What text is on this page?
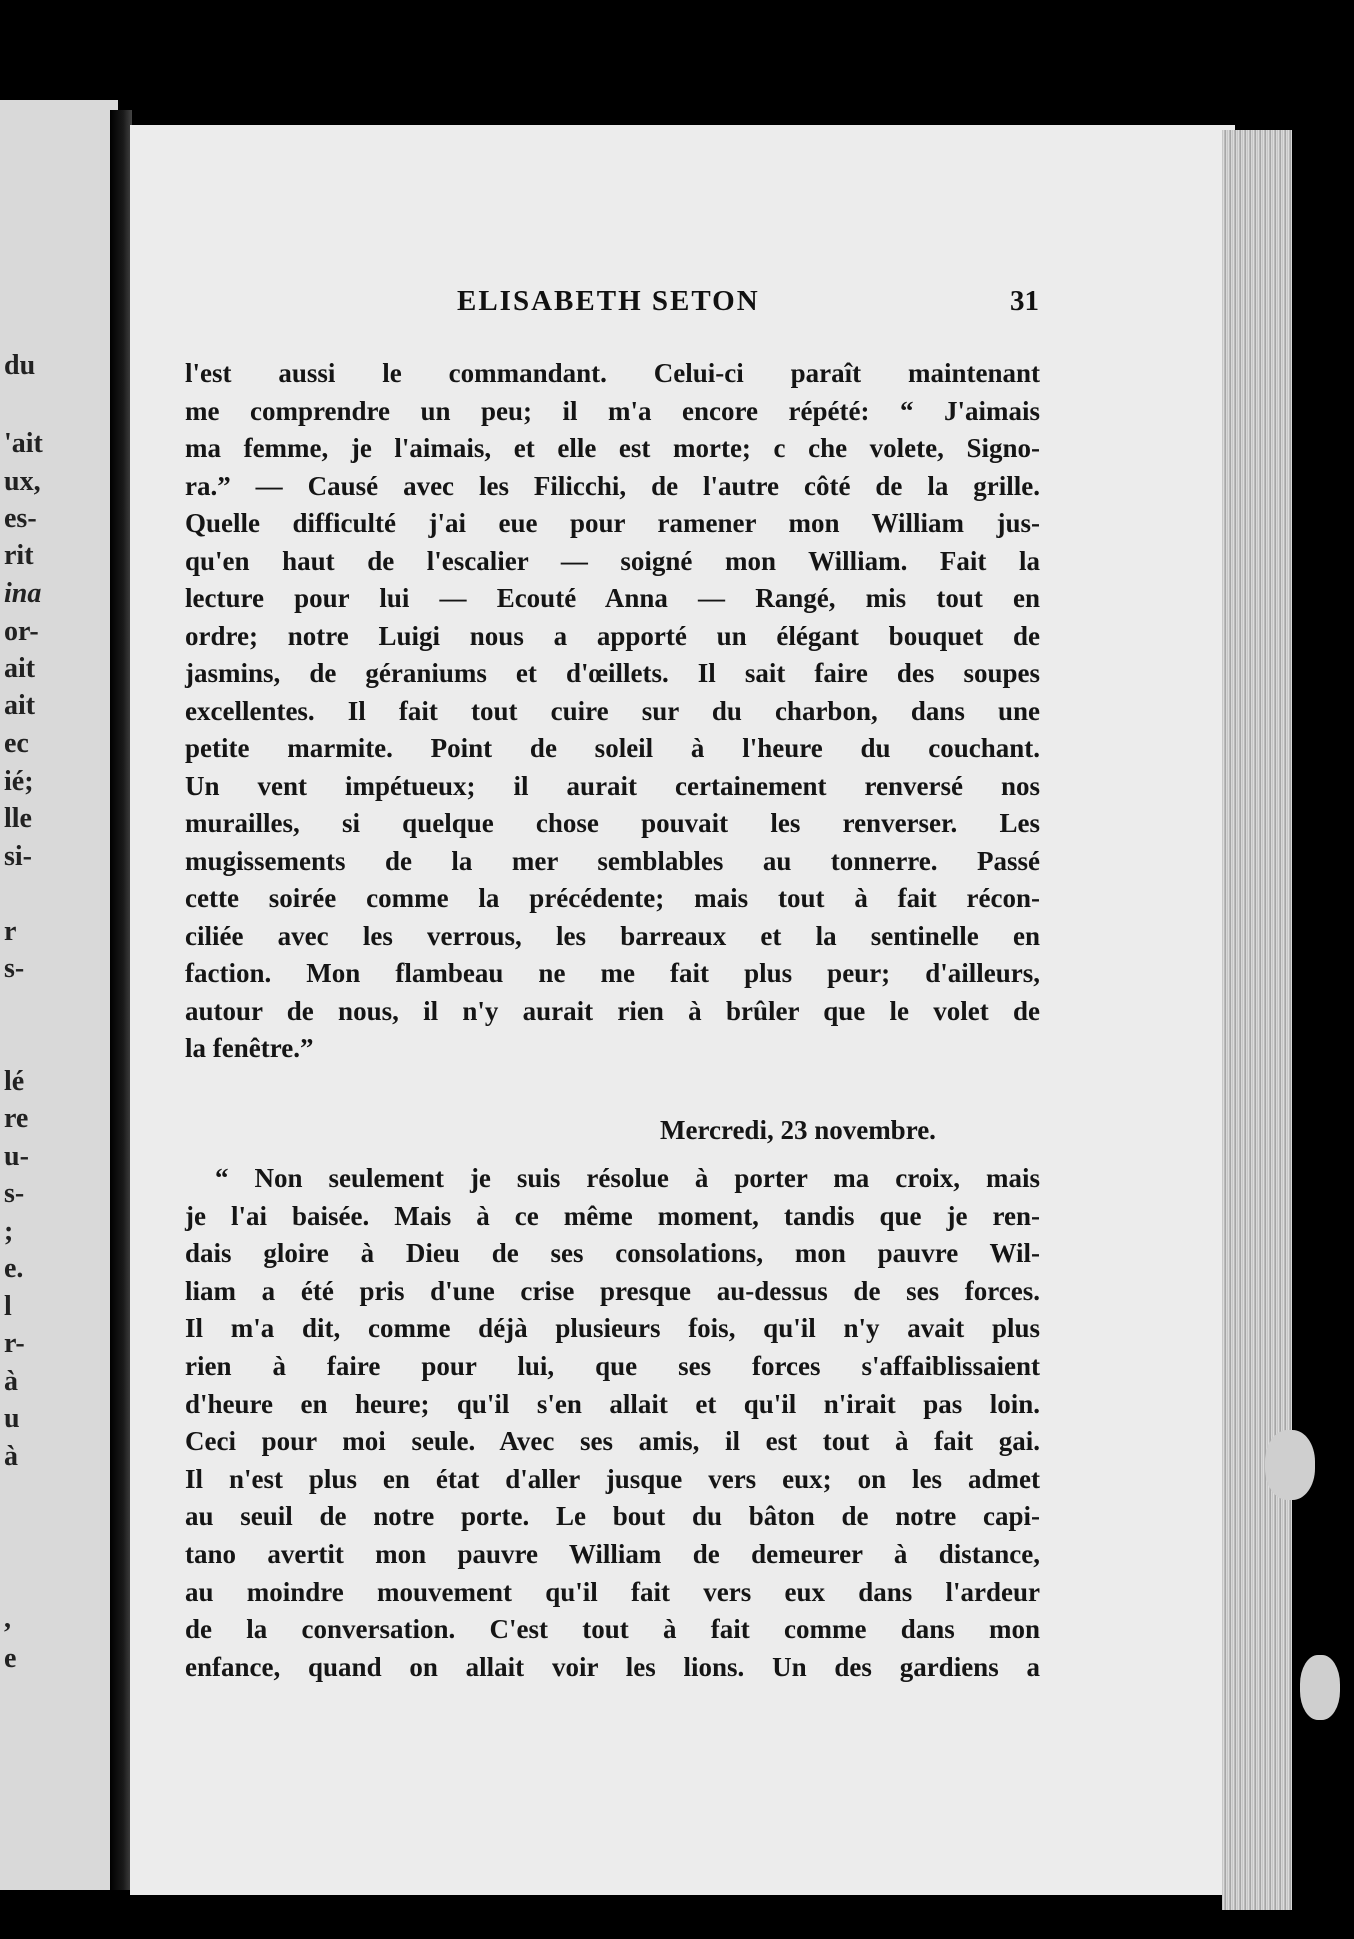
du
'ait
ux,
es-
rit
ina
or-
ait
ait
ec
ié;
lle
si-
r
s-
lé
re
u-
s-
;
e.
l
r-
à
u
à
,
e
ELISABETH SETON	31
l'est aussi le commandant. Celui-ci paraît maintenant
me comprendre un peu; il m'a encore répété: “ J'aimais
ma femme, je l'aimais, et elle est morte; c che volete, Signo-
ra.” — Causé avec les Filicchi, de l'autre côté de la grille.
Quelle difficulté j'ai eue pour ramener mon William jus-
qu'en haut de l'escalier — soigné mon William. Fait la
lecture pour lui — Ecouté Anna — Rangé, mis tout en
ordre; notre Luigi nous a apporté un élégant bouquet de
jasmins, de géraniums et d'œillets. Il sait faire des soupes
excellentes. Il fait tout cuire sur du charbon, dans une
petite marmite. Point de soleil à l'heure du couchant.
Un vent impétueux; il aurait certainement renversé nos
murailles, si quelque chose pouvait les renverser. Les
mugissements de la mer semblables au tonnerre. Passé
cette soirée comme la précédente; mais tout à fait récon-
ciliée avec les verrous, les barreaux et la sentinelle en
faction. Mon flambeau ne me fait plus peur; d'ailleurs,
autour de nous, il n'y aurait rien à brûler que le volet de
la fenêtre.”
Mercredi, 23 novembre.
“ Non seulement je suis résolue à porter ma croix, mais
je l'ai baisée. Mais à ce même moment, tandis que je ren-
dais gloire à Dieu de ses consolations, mon pauvre Wil-
liam a été pris d'une crise presque au-dessus de ses forces.
Il m'a dit, comme déjà plusieurs fois, qu'il n'y avait plus
rien à faire pour lui, que ses forces s'affaiblissaient
d'heure en heure; qu'il s'en allait et qu'il n'irait pas loin.
Ceci pour moi seule. Avec ses amis, il est tout à fait gai.
Il n'est plus en état d'aller jusque vers eux; on les admet
au seuil de notre porte. Le bout du bâton de notre capi-
tano avertit mon pauvre William de demeurer à distance,
au moindre mouvement qu'il fait vers eux dans l'ardeur
de la conversation. C'est tout à fait comme dans mon
enfance, quand on allait voir les lions. Un des gardiens a
